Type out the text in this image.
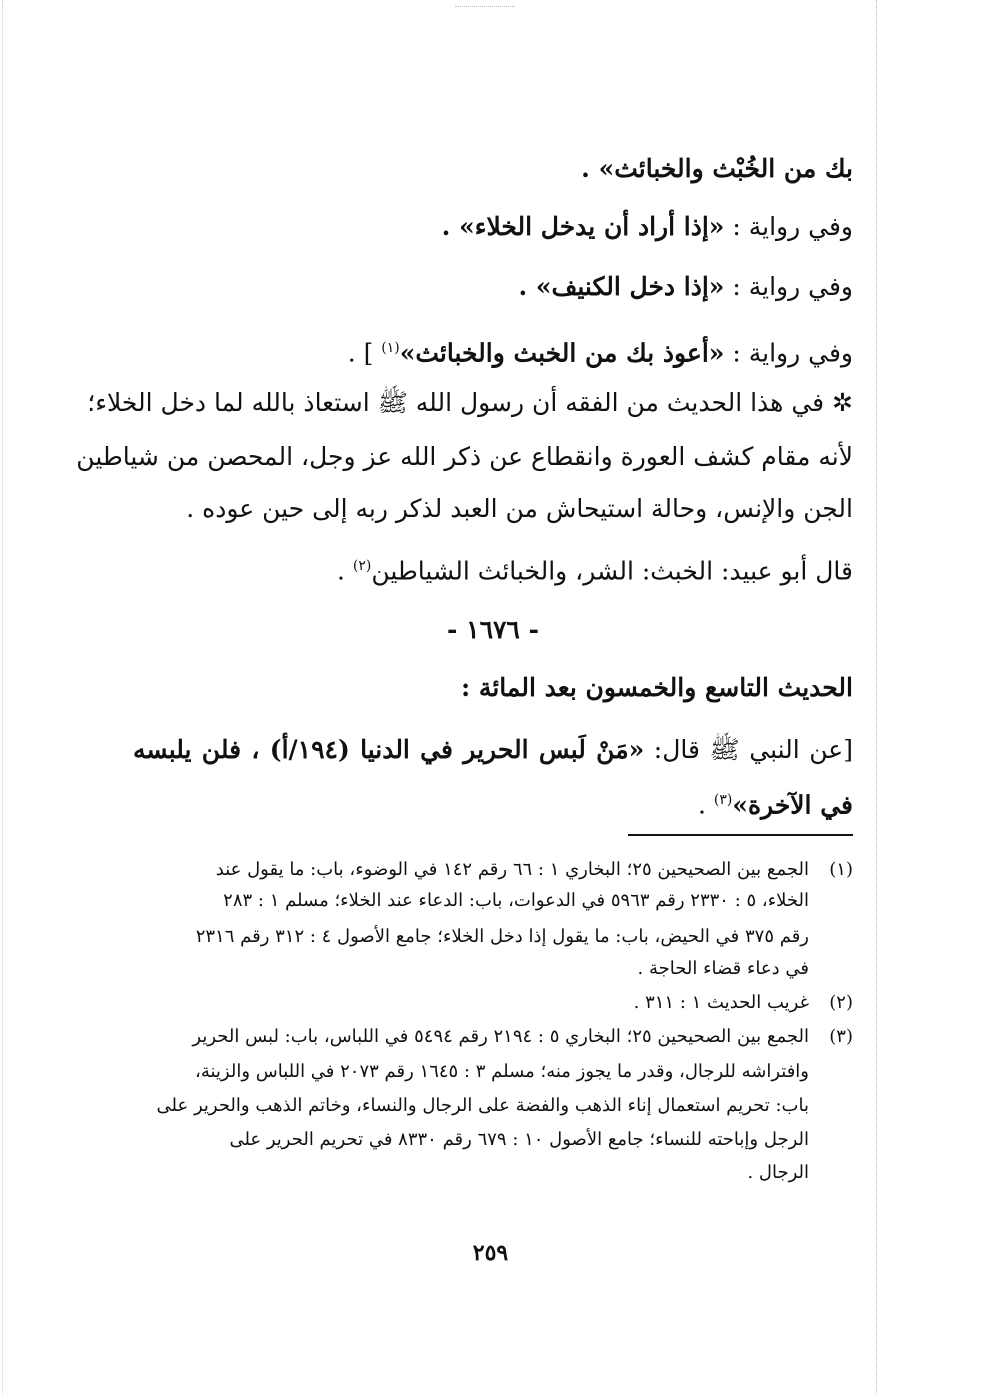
بك من الخُبْث والخبائث» .
وفي رواية : «إذا أراد أن يدخل الخلاء» .
وفي رواية : «إذا دخل الكنيف» .
وفي رواية : «أعوذ بك من الخبث والخبائث»$^{(١)}$ ] .
✲ في هذا الحديث من الفقه أن رسول الله ﷺ استعاذ بالله لما دخل الخلاء؛
لأنه مقام كشف العورة وانقطاع عن ذكر الله عز وجل، المحصن من شياطين
الجن والإنس، وحالة استيحاش من العبد لذكر ربه إلى حين عوده .
قال أبو عبيد: الخبث: الشر، والخبائث الشياطين$^{(٢)}$ .
- ١٦٧٦ -
الحديث التاسع والخمسون بعد المائة :
[عن النبي ﷺ قال: «مَنْ لَبس الحرير في الدنيا (١٩٤/أ) ، فلن يلبسه
في الآخرة»$^{(٣)}$ .
(١)الجمع بين الصحيحين ٢٥؛ البخاري ١ : ٦٦ رقم ١٤٢ في الوضوء، باب: ما يقول عند
الخلاء، ٥ : ٢٣٣٠ رقم ٥٩٦٣ في الدعوات، باب: الدعاء عند الخلاء؛ مسلم ١ : ٢٨٣
رقم ٣٧٥ في الحيض، باب: ما يقول إذا دخل الخلاء؛ جامع الأصول ٤ : ٣١٢ رقم ٢٣١٦
في دعاء قضاء الحاجة .
(٢)غريب الحديث ١ : ٣١١ .
(٣)الجمع بين الصحيحين ٢٥؛ البخاري ٥ : ٢١٩٤ رقم ٥٤٩٤ في اللباس، باب: لبس الحرير
وافتراشه للرجال، وقدر ما يجوز منه؛ مسلم ٣ : ١٦٤٥ رقم ٢٠٧٣ في اللباس والزينة،
باب: تحريم استعمال إناء الذهب والفضة على الرجال والنساء، وخاتم الذهب والحرير على
الرجل وإباحته للنساء؛ جامع الأصول ١٠ : ٦٧٩ رقم ٨٣٣٠ في تحريم الحرير على
الرجال .
٢٥٩
